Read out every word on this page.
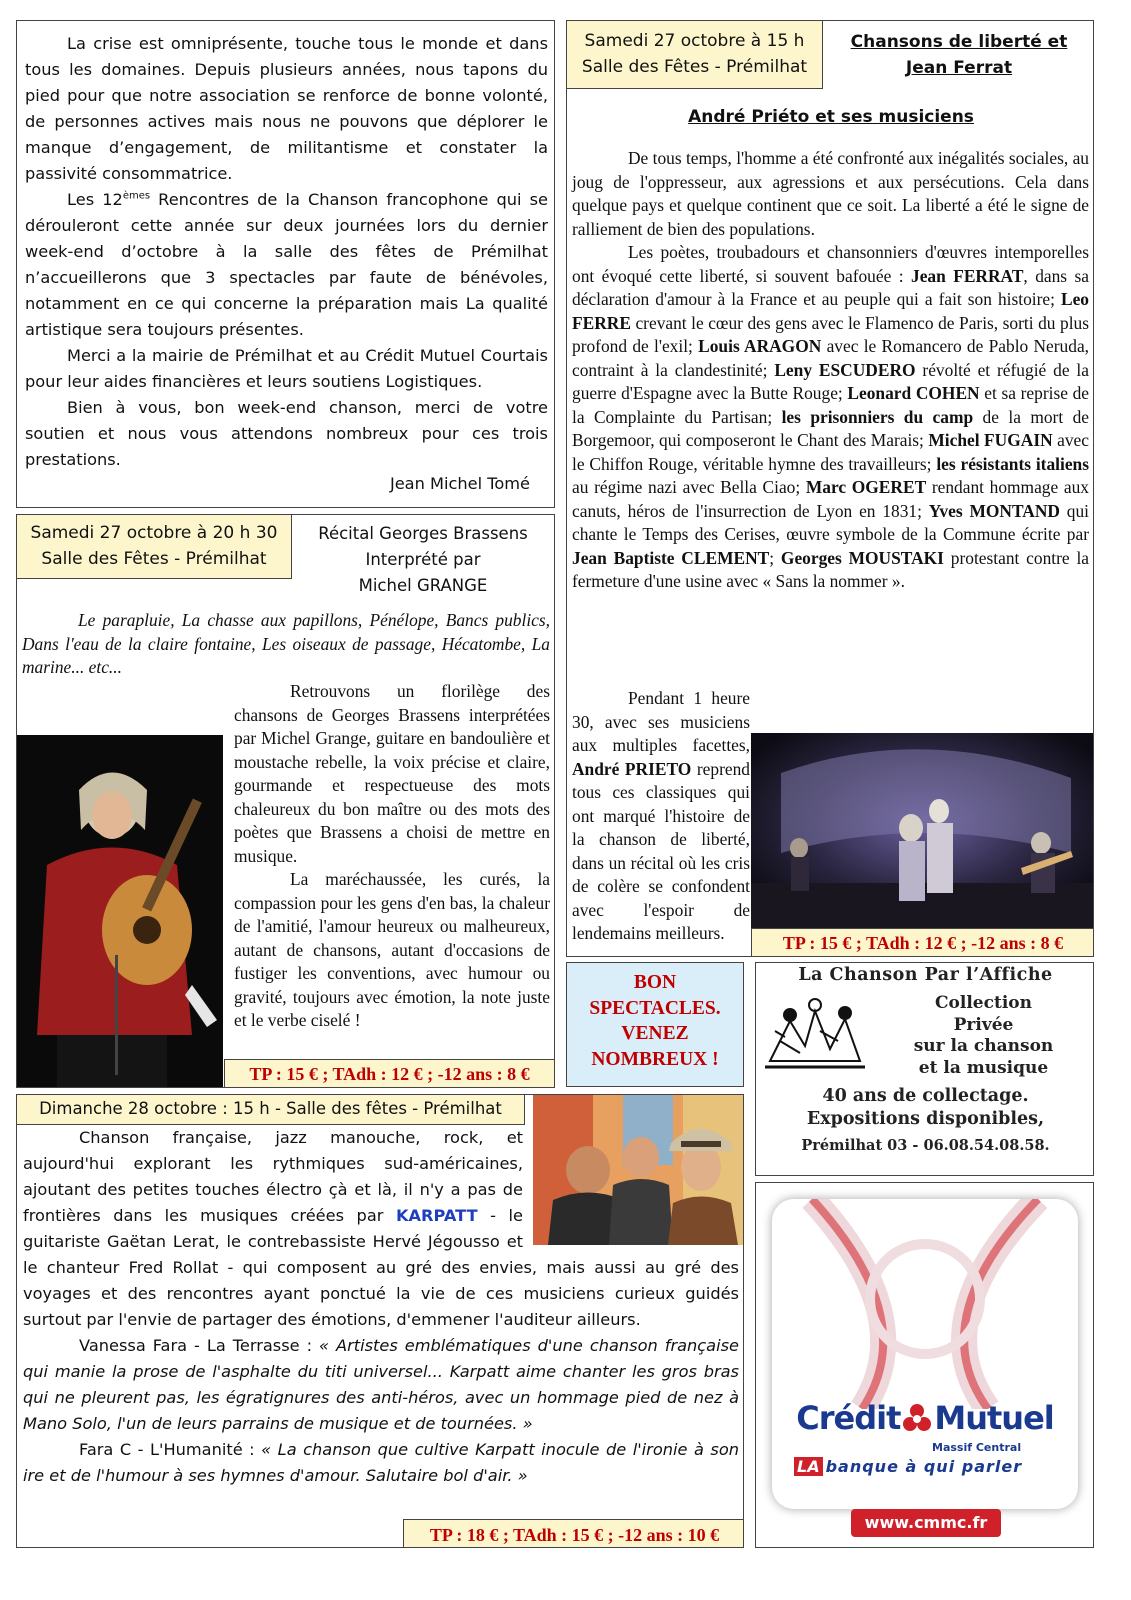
La crise est omniprésente, touche tous le monde et dans tous les domaines. Depuis plusieurs années, nous tapons du pied pour que notre association se renforce de bonne volonté, de personnes actives mais nous ne pouvons que déplorer le manque d’engagement, de militantisme et constater la passivité consommatrice.

Les 12èmes Rencontres de la Chanson francophone qui se dérouleront cette année sur deux journées lors du dernier week-end d’octobre à la salle des fêtes de Prémilhat n’accueillerons que 3 spectacles par faute de bénévoles, notamment en ce qui concerne la préparation mais La qualité artistique sera toujours présentes.

Merci a la mairie de Prémilhat et au Crédit Mutuel Courtais pour leur aides financières et leurs soutiens Logistiques.

Bien à vous, bon week-end chanson, merci de votre soutien et nous vous attendons nombreux pour ces trois prestations.

Jean Michel Tomé
Samedi 27 octobre à 15 h
Salle des Fêtes - Prémilhat
Chansons de liberté et
Jean Ferrat
André Priéto et ses musiciens

De tous temps, l'homme a été confronté aux inégalités sociales, au joug de l'oppresseur, aux agressions et aux persécutions. Cela dans quelque pays et quelque continent que ce soit. La liberté a été le signe de ralliement de bien des populations.

Les poètes, troubadours et chansonniers d'œuvres intemporelles ont évoqué cette liberté, si souvent bafouée : Jean FERRAT, dans sa déclaration d'amour à la France et au peuple qui a fait son histoire; Leo FERRE crevant le cœur des gens avec le Flamenco de Paris, sorti du plus profond de l'exil; Louis ARAGON avec le Romancero de Pablo Neruda, contraint à la clandestinité; Leny ESCUDERO révolté et réfugié de la guerre d'Espagne avec la Butte Rouge; Leonard COHEN et sa reprise de la Complainte du Partisan; les prisonniers du camp de la mort de Borgemoor, qui composeront le Chant des Marais; Michel FUGAIN avec le Chiffon Rouge, véritable hymne des travailleurs; les résistants italiens au régime nazi avec Bella Ciao; Marc OGERET rendant hommage aux canuts, héros de l'insurrection de Lyon en 1831; Yves MONTAND qui chante le Temps des Cerises, œuvre symbole de la Commune écrite par Jean Baptiste CLEMENT; Georges MOUSTAKI protestant contre la fermeture d'une usine avec « Sans la nommer ».

Pendant 1 heure 30, avec ses musiciens aux multiples facettes, André PRIETO reprend tous ces classiques qui ont marqué l'histoire de la chanson de liberté, dans un récital où les cris de colère se confondent avec l'espoir de lendemains meilleurs.	TP : 15 € ; TAdh : 12 € ; -12 ans : 8 €
Samedi 27 octobre à 20 h 30
Salle des Fêtes - Prémilhat
Récital Georges Brassens
Interprété par
Michel GRANGE

Le parapluie, La chasse aux papillons, Pénélope, Bancs publics, Dans l'eau de la claire fontaine, Les oiseaux de passage, Hécatombe, La marine... etc...

Retrouvons un florilège des chansons de Georges Brassens interprétées par Michel Grange, guitare en bandoulière et moustache rebelle, la voix précise et claire, gourmande et respectueuse des mots chaleureux du bon maître ou des mots des poètes que Brassens a choisi de mettre en musique.

La maréchaussée, les curés, la compassion pour les gens d'en bas, la chaleur de l'amitié, l'amour heureux ou malheureux, autant de chansons, autant d'occasions de fustiger les conventions, avec humour ou gravité, toujours avec émotion, la note juste et le verbe ciselé !

TP : 15 € ; TAdh : 12 € ; -12 ans : 8 €
BON
SPECTACLES.
VENEZ
NOMBREUX !
La Chanson Par l’Affiche
Collection
Privée
sur la chanson
et la musique
40 ans de collectage.
Expositions disponibles,
Prémilhat 03 - 06.08.54.08.58.
Dimanche 28 octobre : 15 h - Salle des fêtes - Prémilhat

Chanson française, jazz manouche, rock, et aujourd'hui explorant les rythmiques sud-américaines, ajoutant des petites touches électro çà et là, il n'y a pas de frontières dans les musiques créées par KARPATT - le guitariste Gaëtan Lerat, le contrebassiste Hervé Jégousso et le chanteur Fred Rollat - qui composent au gré des envies, mais aussi au gré des voyages et des rencontres ayant ponctué la vie de ces musiciens curieux guidés surtout par l'envie de partager des émotions, d'emmener l'auditeur ailleurs.

Vanessa Fara - La Terrasse : « Artistes emblématiques d'une chanson française qui manie la prose de l'asphalte du titi universel... Karpatt aime chanter les gros bras qui ne pleurent pas, les égratignures des anti-héros, avec un hommage pied de nez à Mano Solo, l'un de leurs parrains de musique et de tournées. »

Fara C - L'Humanité : « La chanson que cultive Karpatt inocule de l'ironie à son ire et de l'humour à ses hymnes d'amour. Salutaire bol d'air. »

TP : 18 € ; TAdh : 15 € ; -12 ans : 10 €
Crédit Mutuel
Massif Central
LA banque à qui parler
www.cmmc.fr
